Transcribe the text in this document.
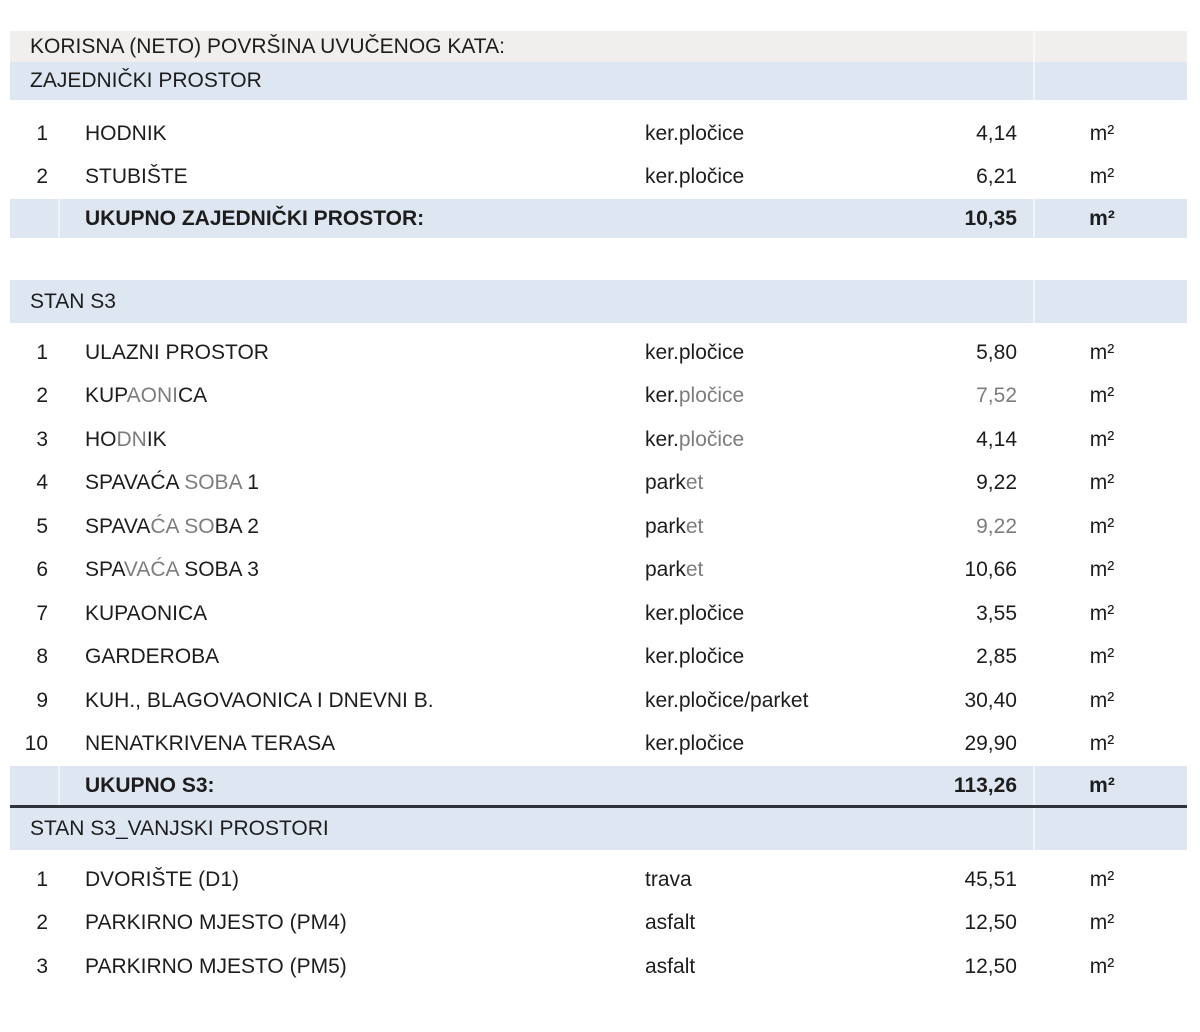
KORISNA (NETO) POVRŠINA UVUČENOG KATA:
ZAJEDNIČKI PROSTOR
1	HODNIK	ker.pločice	4,14	m²
2	STUBIŠTE	ker.pločice	6,21	m²
UKUPNO ZAJEDNIČKI PROSTOR:	10,35	m²
STAN S3
1	ULAZNI PROSTOR	ker.pločice	5,80	m²
2	KUPAONICA	ker.pločice	7,52	m²
3	HODNIK	ker.pločice	4,14	m²
4	SPAVAĆA SOBA 1	parket	9,22	m²
5	SPAVAĆA SOBA 2	parket	9,22	m²
6	SPAVAĆA SOBA 3	parket	10,66	m²
7	KUPAONICA	ker.pločice	3,55	m²
8	GARDEROBA	ker.pločice	2,85	m²
9	KUH., BLAGOVAONICA I DNEVNI B.	ker.pločice/parket	30,40	m²
10	NENATKRIVENA TERASA	ker.pločice	29,90	m²
UKUPNO S3:	113,26	m²
STAN S3_VANJSKI PROSTORI
1	DVORIŠTE (D1)	trava	45,51	m²
2	PARKIRNO MJESTO (PM4)	asfalt	12,50	m²
3	PARKIRNO MJESTO (PM5)	asfalt	12,50	m²
